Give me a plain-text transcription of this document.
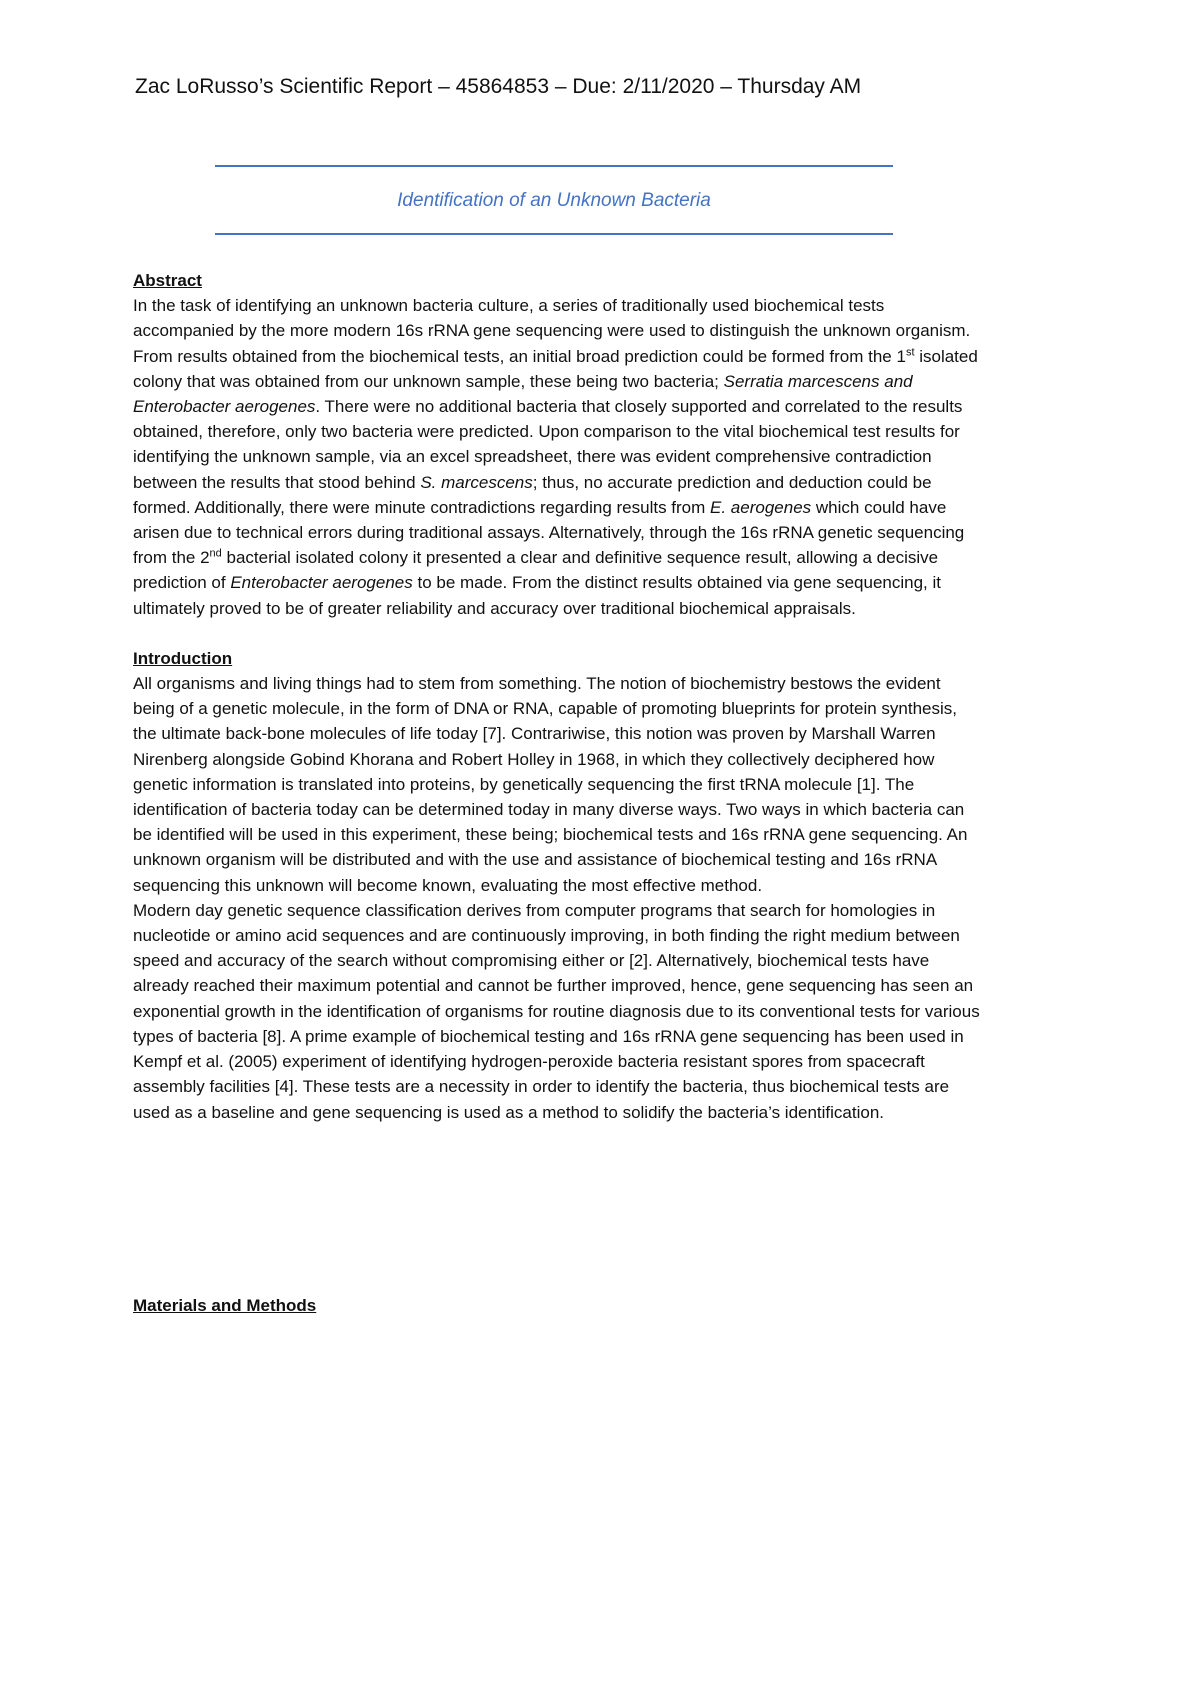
Zac LoRusso’s Scientific Report – 45864853 – Due: 2/11/2020 – Thursday AM
Identification of an Unknown Bacteria
Abstract

In the task of identifying an unknown bacteria culture, a series of traditionally used biochemical tests accompanied by the more modern 16s rRNA gene sequencing were used to distinguish the unknown organism. From results obtained from the biochemical tests, an initial broad prediction could be formed from the 1st isolated colony that was obtained from our unknown sample, these being two bacteria; Serratia marcescens and Enterobacter aerogenes. There were no additional bacteria that closely supported and correlated to the results obtained, therefore, only two bacteria were predicted. Upon comparison to the vital biochemical test results for identifying the unknown sample, via an excel spreadsheet, there was evident comprehensive contradiction between the results that stood behind S. marcescens; thus, no accurate prediction and deduction could be formed. Additionally, there were minute contradictions regarding results from E. aerogenes which could have arisen due to technical errors during traditional assays. Alternatively, through the 16s rRNA genetic sequencing from the 2nd bacterial isolated colony it presented a clear and definitive sequence result, allowing a decisive prediction of Enterobacter aerogenes to be made. From the distinct results obtained via gene sequencing, it ultimately proved to be of greater reliability and accuracy over traditional biochemical appraisals.

Introduction

All organisms and living things had to stem from something. The notion of biochemistry bestows the evident being of a genetic molecule, in the form of DNA or RNA, capable of promoting blueprints for protein synthesis, the ultimate back-bone molecules of life today [7]. Contrariwise, this notion was proven by Marshall Warren Nirenberg alongside Gobind Khorana and Robert Holley in 1968, in which they collectively deciphered how genetic information is translated into proteins, by genetically sequencing the first tRNA molecule [1]. The identification of bacteria today can be determined today in many diverse ways. Two ways in which bacteria can be identified will be used in this experiment, these being; biochemical tests and 16s rRNA gene sequencing. An unknown organism will be distributed and with the use and assistance of biochemical testing and 16s rRNA sequencing this unknown will become known, evaluating the most effective method.

Modern day genetic sequence classification derives from computer programs that search for homologies in nucleotide or amino acid sequences and are continuously improving, in both finding the right medium between speed and accuracy of the search without compromising either or [2]. Alternatively, biochemical tests have already reached their maximum potential and cannot be further improved, hence, gene sequencing has seen an exponential growth in the identification of organisms for routine diagnosis due to its conventional tests for various types of bacteria [8]. A prime example of biochemical testing and 16s rRNA gene sequencing has been used in Kempf et al. (2005) experiment of identifying hydrogen-peroxide bacteria resistant spores from spacecraft assembly facilities [4]. These tests are a necessity in order to identify the bacteria, thus biochemical tests are used as a baseline and gene sequencing is used as a method to solidify the bacteria’s identification.

Materials and Methods
